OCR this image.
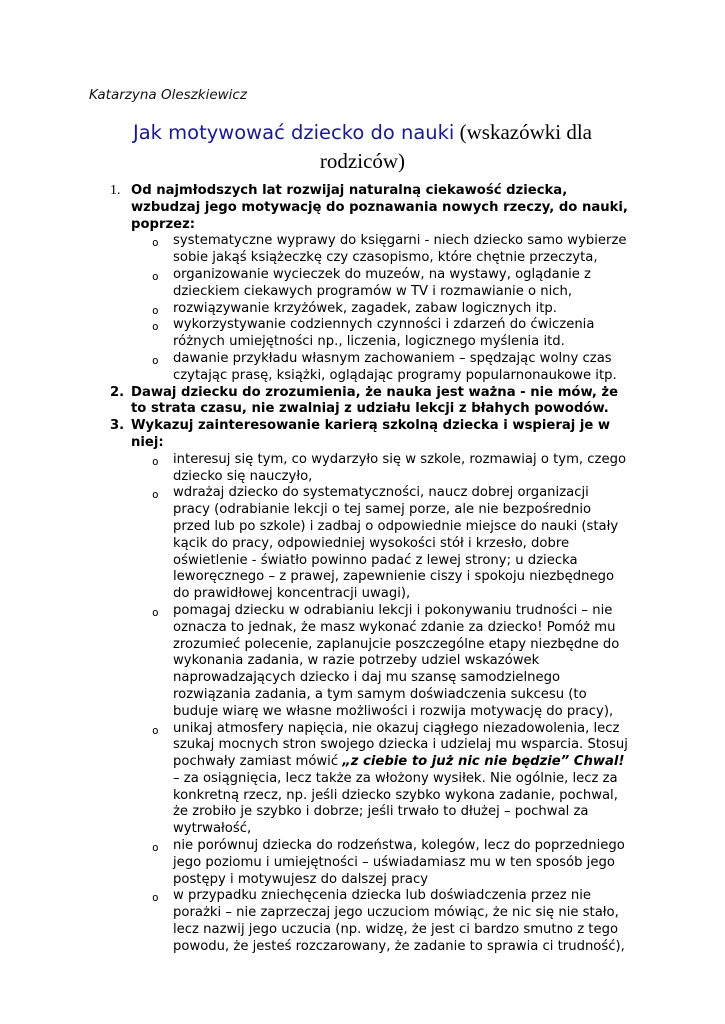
Katarzyna Oleszkiewicz
Jak motywować dziecko do nauki (wskazówki dla
rodziców)
1. Od najmłodszych lat rozwijaj naturalną ciekawość dziecka, wzbudzaj jego motywację do poznawania nowych rzeczy, do nauki, poprzez:
o systematyczne wyprawy do księgarni - niech dziecko samo wybierze sobie jakąś książeczkę czy czasopismo, które chętnie przeczyta,
o organizowanie wycieczek do muzeów, na wystawy, oglądanie z dzieckiem ciekawych programów w TV i rozmawianie o nich,
o rozwiązywanie krzyżówek, zagadek, zabaw logicznych itp.
o wykorzystywanie codziennych czynności i zdarzeń do ćwiczenia różnych umiejętności np., liczenia, logicznego myślenia itd.
o dawanie przykładu własnym zachowaniem – spędzając wolny czas czytając prasę, książki, oglądając programy popularnonaukowe itp.
2. Dawaj dziecku do zrozumienia, że nauka jest ważna - nie mów, że to strata czasu, nie zwalniaj z udziału lekcji z błahych powodów.
3. Wykazuj zainteresowanie karierą szkolną dziecka i wspieraj je w niej:
o interesuj się tym, co wydarzyło się w szkole, rozmawiaj o tym, czego dziecko się nauczyło,
o wdrażaj dziecko do systematyczności, naucz dobrej organizacji pracy (odrabianie lekcji o tej samej porze, ale nie bezpośrednio przed lub po szkole) i zadbaj o odpowiednie miejsce do nauki (stały kącik do pracy, odpowiedniej wysokości stół i krzesło, dobre oświetlenie - światło powinno padać z lewej strony; u dziecka leworęcznego – z prawej, zapewnienie ciszy i spokoju niezbędnego do prawidłowej koncentracji uwagi),
o pomagaj dziecku w odrabianiu lekcji i pokonywaniu trudności – nie oznacza to jednak, że masz wykonać zdanie za dziecko! Pomóż mu zrozumieć polecenie, zaplanujcie poszczególne etapy niezbędne do wykonania zadania, w razie potrzeby udziel wskazówek naprowadzających dziecko i daj mu szansę samodzielnego rozwiązania zadania, a tym samym doświadczenia sukcesu (to buduje wiarę we własne możliwości i rozwija motywację do pracy),
o unikaj atmosfery napięcia, nie okazuj ciągłego niezadowolenia, lecz szukaj mocnych stron swojego dziecka i udzielaj mu wsparcia. Stosuj pochwały zamiast mówić „z ciebie to już nic nie będzie” Chwal! – za osiągnięcia, lecz także za włożony wysiłek. Nie ogólnie, lecz za konkretną rzecz, np. jeśli dziecko szybko wykona zadanie, pochwal, że zrobiło je szybko i dobrze; jeśli trwało to dłużej – pochwal za wytrwałość,
o nie porównuj dziecka do rodzeństwa, kolegów, lecz do poprzedniego jego poziomu i umiejętności – uświadamiasz mu w ten sposób jego postępy i motywujesz do dalszej pracy
o w przypadku zniechęcenia dziecka lub doświadczenia przez nie porażki – nie zaprzeczaj jego uczuciom mówiąc, że nic się nie stało, lecz nazwij jego uczucia (np. widzę, że jest ci bardzo smutno z tego powodu, że jesteś rozczarowany, że zadanie to sprawia ci trudność),
